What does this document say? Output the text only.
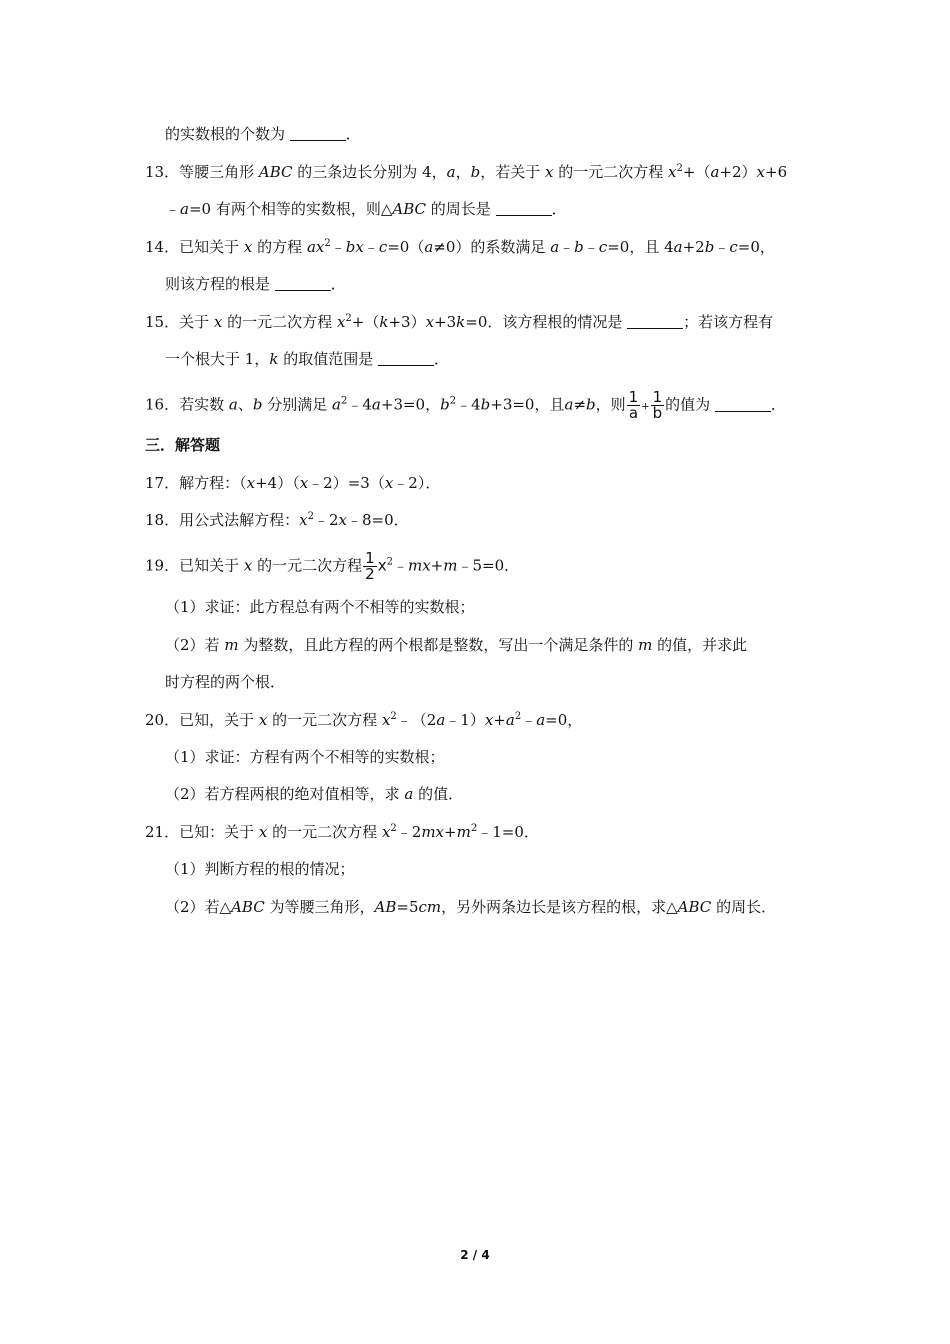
的实数根的个数为	．
13．等腰三角形 ABC 的三条边长分别为 4，a，b，若关于 x 的一元二次方程 $x^2+(a+2)x+6$
﹣a=0 有两个相等的实数根，则△ABC 的周长是	．
14．已知关于 x 的方程 $ax^2﹣bx﹣c=0(a\ne 0)$的系数满足 a﹣b﹣c=0，且 4a+2b﹣c=0，
则该方程的根是	．
15．关于 x 的一元二次方程 $x^2+(k+3)x+3k=0$．该方程根的情况是	；若该方程有
一个根大于 1，k 的取值范围是	．
16．若实数 a、b 分别满足 $a^2﹣4a+3=0$，$b^2﹣4b+3=0$，且a≠b，则 $\frac{1}{a} + \frac{1}{b}$ 的值为	．
三．解答题
17．解方程：（x+4）（x﹣2）=3（x﹣2）．
18．用公式法解方程：$x^2﹣2x﹣8=0$．
19．已知关于 x 的一元二次方程 $\frac{1}{2}$ $x^2﹣mx+m﹣5=0$．
（1）求证：此方程总有两个不相等的实数根；
（2）若 m 为整数，且此方程的两个根都是整数，写出一个满足条件的 m 的值，并求此
时方程的两个根．
20．已知，关于 x 的一元二次方程 $x^2﹣(2a﹣1)x+a^2﹣a=0$，
（1）求证：方程有两个不相等的实数根；
（2）若方程两根的绝对值相等，求 a 的值．
21．已知：关于 x 的一元二次方程 $x^2﹣2mx+m^2﹣1=0$．
（1）判断方程的根的情况；
（2）若△ABC 为等腰三角形，AB=5cm，另外两条边长是该方程的根，求△ABC 的周长．
2 / 4
